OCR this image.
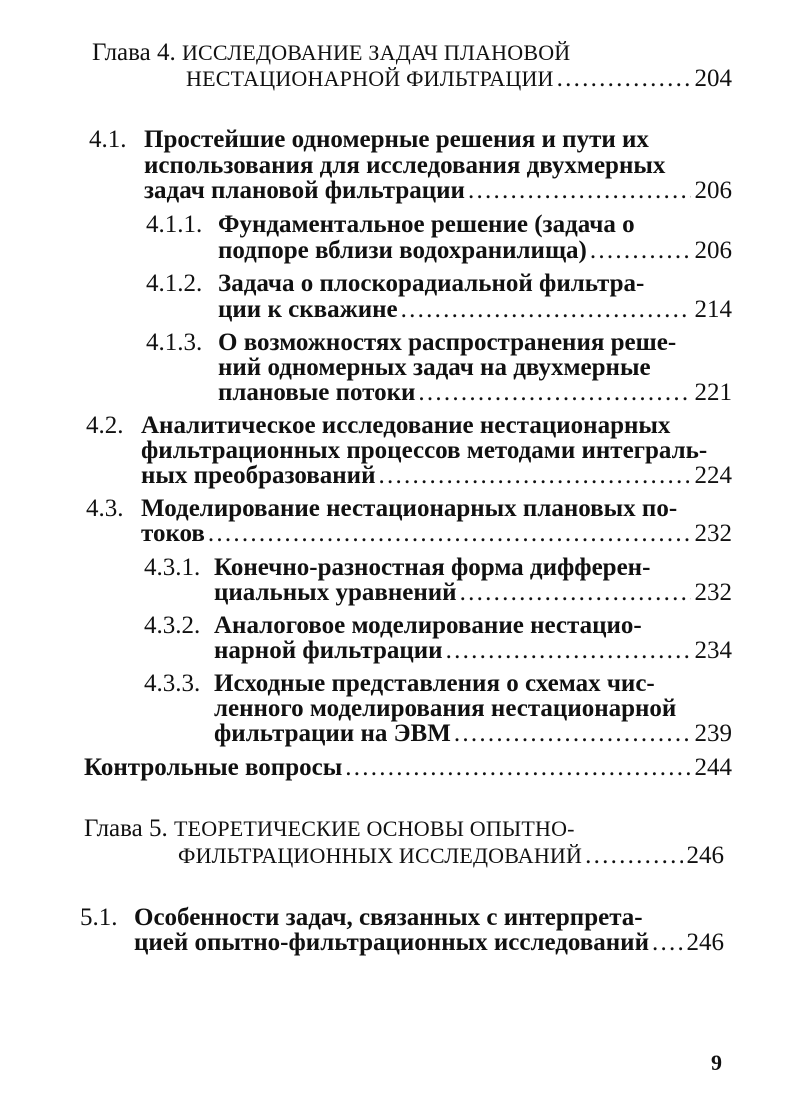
Глава 4.
ИССЛЕДОВАНИЕ ЗАДАЧ ПЛАНОВОЙ
НЕСТАЦИОНАРНОЙ ФИЛЬТРАЦИИ . . .	204
4.1. Простейшие одномерные решения и пути их
использования для исследования двухмерных
задач плановой фильтрации . . .	206
4.1.1. Фундаментальное решение (задача о
подпоре вблизи водохранилища) . . .	206
4.1.2. Задача о плоскорадиальной фильтра-
ции к скважине . . .	214
4.1.3. О возможностях распространения реше-
ний одномерных задач на двухмерные
плановые потоки . . .	221
4.2. Аналитическое исследование нестационарных
фильтрационных процессов методами интеграль-
ных преобразований . . .	224
4.3. Моделирование нестационарных плановых по-
токов . . .	232
4.3.1. Конечно-разностная форма дифферен-
циальных уравнений . . .	232
4.3.2. Аналоговое моделирование нестацио-
нарной фильтрации . . .	234
4.3.3. Исходные представления о схемах чис-
ленного моделирования нестационарной
фильтрации на ЭВМ . . .	239
Контрольные вопросы . . .	244
Глава 5.
ТЕОРЕТИЧЕСКИЕ ОСНОВЫ ОПЫТНО-
ФИЛЬТРАЦИОННЫХ ИССЛЕДОВАНИЙ . . .	246
5.1. Особенности задач, связанных с интерпрета-
цией опытно-фильтрационных исследований . . . 246
9
